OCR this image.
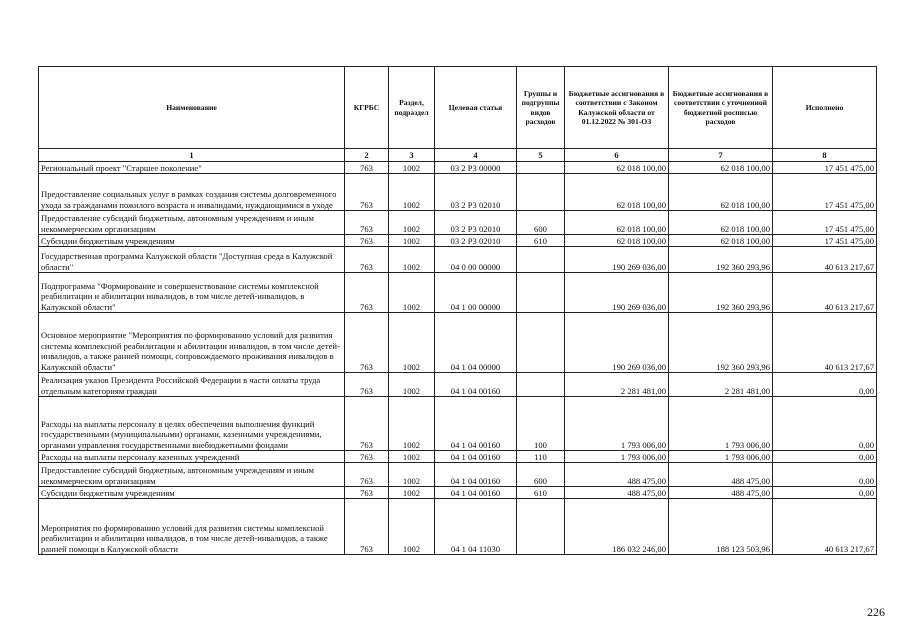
Наименование	КГРБС	Раздел, подраздел	Целевая статья	Группы и подгруппы видов расходов	Бюджетные ассигнования в соответствии с Законом Калужской области от 01.12.2022 № 301-ОЗ	Бюджетные ассигнования в соответствии с уточненной бюджетной росписью расходов	Исполнено
1	2	3	4	5	6	7	8
Региональный проект "Старшее поколение"	763	1002	03 2 P3 00000		62 018 100,00	62 018 100,00	17 451 475,00
Предоставление социальных услуг в рамках создания системы долговременного ухода за гражданами пожилого возраста и инвалидами, нуждающимися в уходе	763	1002	03 2 P3 02010		62 018 100,00	62 018 100,00	17 451 475,00
Предоставление субсидий бюджетным, автономным учреждениям и иным некоммерческим организациям	763	1002	03 2 P3 02010	600	62 018 100,00	62 018 100,00	17 451 475,00
Субсидии бюджетным учреждениям	763	1002	03 2 P3 02010	610	62 018 100,00	62 018 100,00	17 451 475,00
Государственная программа Калужской области "Доступная среда в Калужской области"	763	1002	04 0 00 00000		190 269 036,00	192 360 293,96	40 613 217,67
Подпрограмма "Формирование и совершенствование системы комплексной реабилитации и абилитации инвалидов, в том числе детей-инвалидов, в Калужской области"	763	1002	04 1 00 00000		190 269 036,00	192 360 293,96	40 613 217,67
Основное мероприятие "Мероприятия по формированию условий для развития системы комплексной реабилитации и абилитации инвалидов, в том числе детей-инвалидов, а также ранней помощи, сопровождаемого проживания инвалидов в Калужской области"	763	1002	04 1 04 00000		190 269 036,00	192 360 293,96	40 613 217,67
Реализация указов Президента Российской Федерации в части оплаты труда отдельным категориям граждан	763	1002	04 1 04 00160		2 281 481,00	2 281 481,00	0,00
Расходы на выплаты персоналу в целях обеспечения выполнения функций государственными (муниципальными) органами, казенными учреждениями, органами управления государственными внебюджетными фондами	763	1002	04 1 04 00160	100	1 793 006,00	1 793 006,00	0,00
Расходы на выплаты персоналу казенных учреждений	763	1002	04 1 04 00160	110	1 793 006,00	1 793 006,00	0,00
Предоставление субсидий бюджетным, автономным учреждениям и иным некоммерческим организациям	763	1002	04 1 04 00160	600	488 475,00	488 475,00	0,00
Субсидии бюджетным учреждениям	763	1002	04 1 04 00160	610	488 475,00	488 475,00	0,00
Мероприятия по формированию условий для развития системы комплексной реабилитации и абилитации инвалидов, в том числе детей-инвалидов, а также ранней помощи в Калужской области	763	1002	04 1 04 11030		186 032 246,00	188 123 503,96	40 613 217,67
226
